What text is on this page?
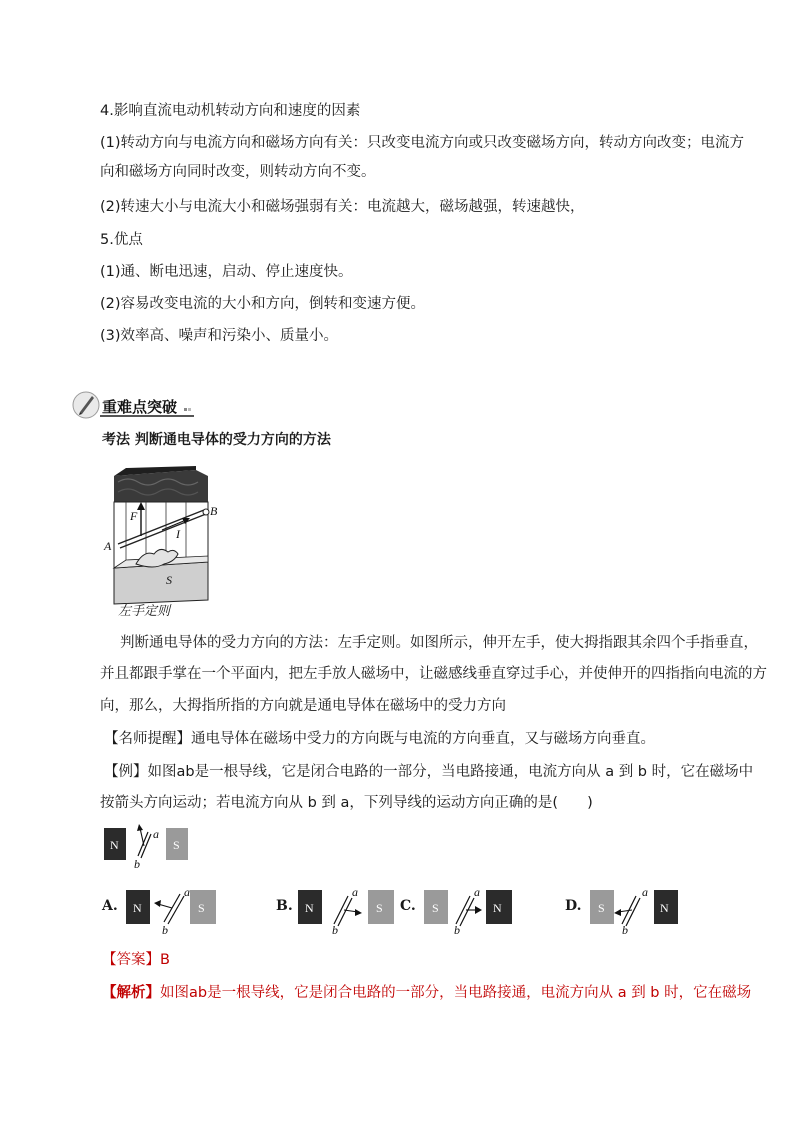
4.影响直流电动机转动方向和速度的因素
(1)转动方向与电流方向和磁场方向有关：只改变电流方向或只改变磁场方向，转动方向改变；电流方
向和磁场方向同时改变，则转动方向不变。
(2)转速大小与电流大小和磁场强弱有关：电流越大，磁场越强，转速越快，
5.优点
(1)通、断电迅速，启动、停止速度快。
(2)容易改变电流的大小和方向，倒转和变速方便。
(3)效率高、噪声和污染小、质量小。
重难点突破
考法 判断通电导体的受力方向的方法
F	B
A
I
S
左手定则
判断通电导体的受力方向的方法：左手定则。如图所示，伸开左手，使大拇指跟其余四个手指垂直，
并且都跟手掌在一个平面内，把左手放人磁场中，让磁感线垂直穿过手心，并使伸开的四指指向电流的方
向，那么，大拇指所指的方向就是通电导体在磁场中的受力方向
【名师提醒】通电导体在磁场中受力的方向既与电流的方向垂直，又与磁场方向垂直。
【例】如图ab是一根导线，它是闭合电路的一部分，当电路接通，电流方向从 a 到 b 时，它在磁场中
按箭头方向运动；若电流方向从 b 到 a，下列导线的运动方向正确的是(　　)
N	S
a
b
A. N	S
a
b
B. N	S
a
b
C. S	N
a
b
D. S	N
a
b
【答案】B
【解析】如图ab是一根导线，它是闭合电路的一部分，当电路接通，电流方向从 a 到 b 时，它在磁场
